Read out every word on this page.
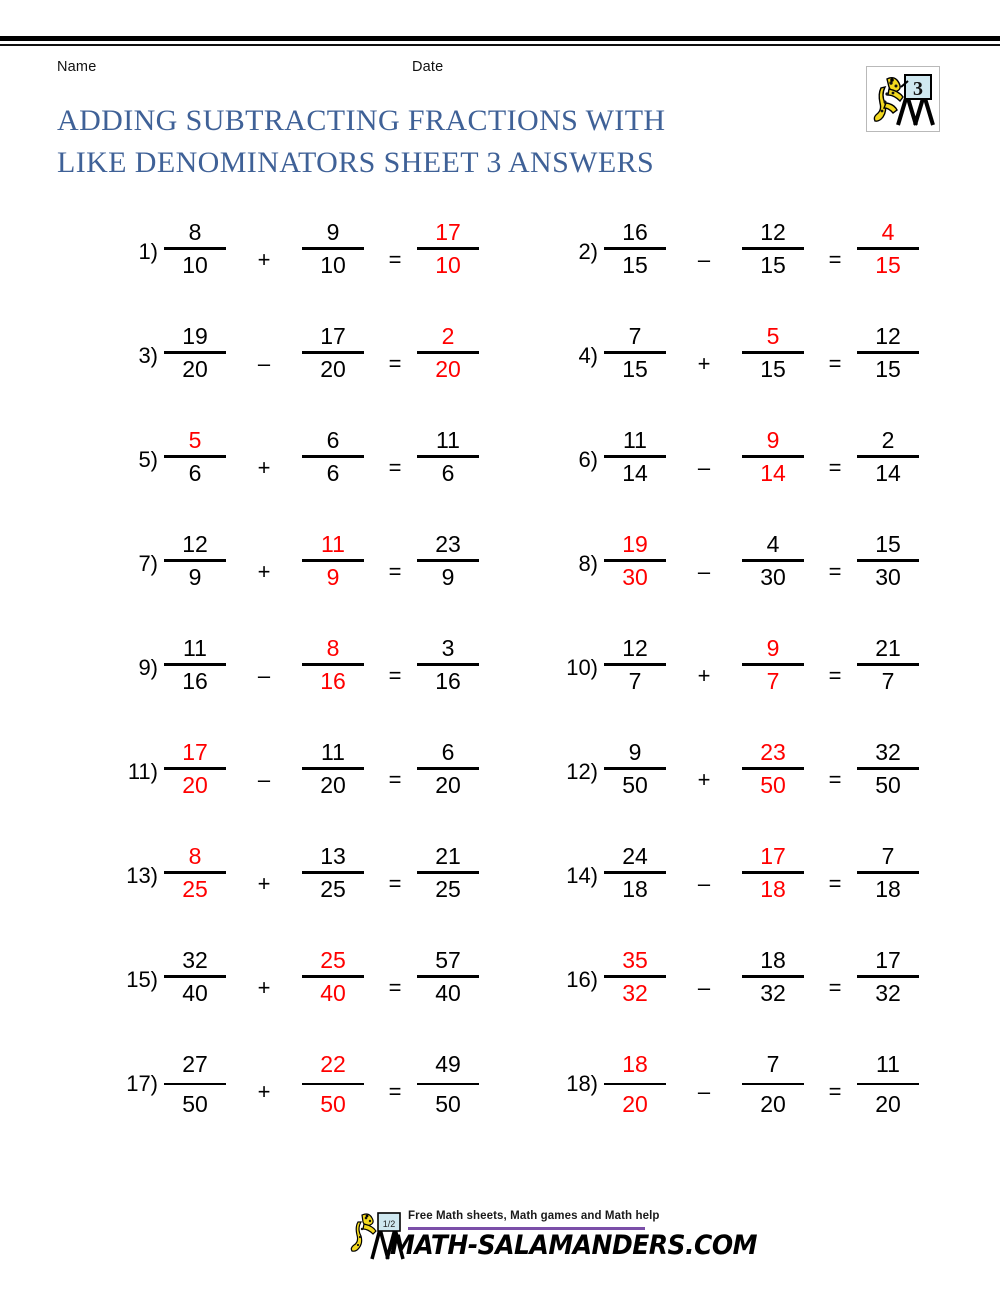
Name	Date
ADDING SUBTRACTING FRACTIONS WITH
LIKE DENOMINATORS SHEET 3 ANSWERS
3
1)
8
10	+
9
10	=
17
10
2)
16
15	–
12
15	=
4
15
3)
19
20	–
17
20	=
2
20
4)
7
15	+
5
15	=
12
15
5)
5
6	+
6
6	=
11
6
6)
11
14	–
9
14	=
2
14
7)
12
9	+
11
9	=
23
9
8)
19
30	–
4
30	=
15
30
9)
11
16	–
8
16	=
3
16
10)
12
7	+
9
7	=
21
7
11)
17
20	–
11
20	=
6
20
12)
9
50	+
23
50	=
32
50
13)
8
25	+
13
25	=
21
25
14)
24
18	–
17
18	=
7
18
15)
32
40	+
25
40	=
57
40
16)
35
32	–
18
32	=
17
32
17)
27
50	+
22
50	=
49
50
18)
18
20	–
7
20	=
11
20
1/2
Free Math sheets, Math games and Math help
MATH-SALAMANDERS.COM
